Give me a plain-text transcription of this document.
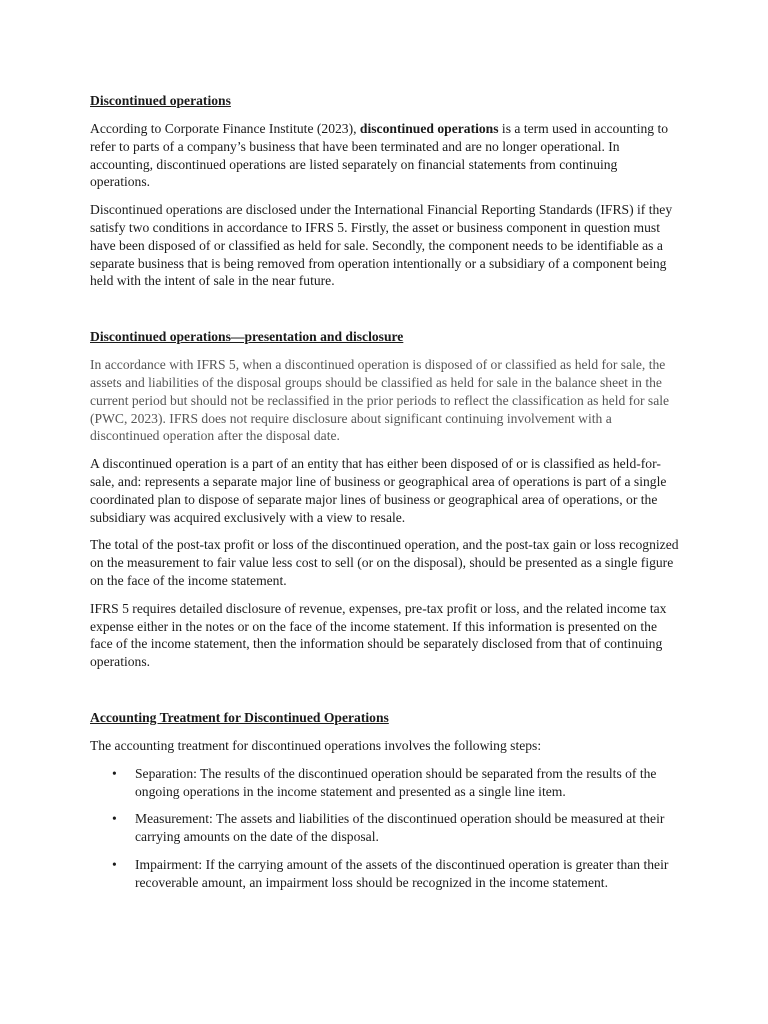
Discontinued operations

According to Corporate Finance Institute (2023), discontinued operations is a term used in accounting to refer to parts of a company’s business that have been terminated and are no longer operational. In accounting, discontinued operations are listed separately on financial statements from continuing operations.

Discontinued operations are disclosed under the International Financial Reporting Standards (IFRS) if they satisfy two conditions in accordance to IFRS 5. Firstly, the asset or business component in question must have been disposed of or classified as held for sale. Secondly, the component needs to be identifiable as a separate business that is being removed from operation intentionally or a subsidiary of a component being held with the intent of sale in the near future.

Discontinued operations—presentation and disclosure

In accordance with IFRS 5, when a discontinued operation is disposed of or classified as held for sale, the assets and liabilities of the disposal groups should be classified as held for sale in the balance sheet in the current period but should not be reclassified in the prior periods to reflect the classification as held for sale (PWC, 2023). IFRS does not require disclosure about significant continuing involvement with a discontinued operation after the disposal date.

A discontinued operation is a part of an entity that has either been disposed of or is classified as held-for-sale, and: represents a separate major line of business or geographical area of operations is part of a single coordinated plan to dispose of separate major lines of business or geographical area of operations, or the subsidiary was acquired exclusively with a view to resale.

The total of the post-tax profit or loss of the discontinued operation, and the post-tax gain or loss recognized on the measurement to fair value less cost to sell (or on the disposal), should be presented as a single figure on the face of the income statement.

IFRS 5 requires detailed disclosure of revenue, expenses, pre-tax profit or loss, and the related income tax expense either in the notes or on the face of the income statement. If this information is presented on the face of the income statement, then the information should be separately disclosed from that of continuing operations.

Accounting Treatment for Discontinued Operations

The accounting treatment for discontinued operations involves the following steps:

• Separation: The results of the discontinued operation should be separated from the results of the ongoing operations in the income statement and presented as a single line item.
• Measurement: The assets and liabilities of the discontinued operation should be measured at their carrying amounts on the date of the disposal.
• Impairment: If the carrying amount of the assets of the discontinued operation is greater than their recoverable amount, an impairment loss should be recognized in the income statement.
